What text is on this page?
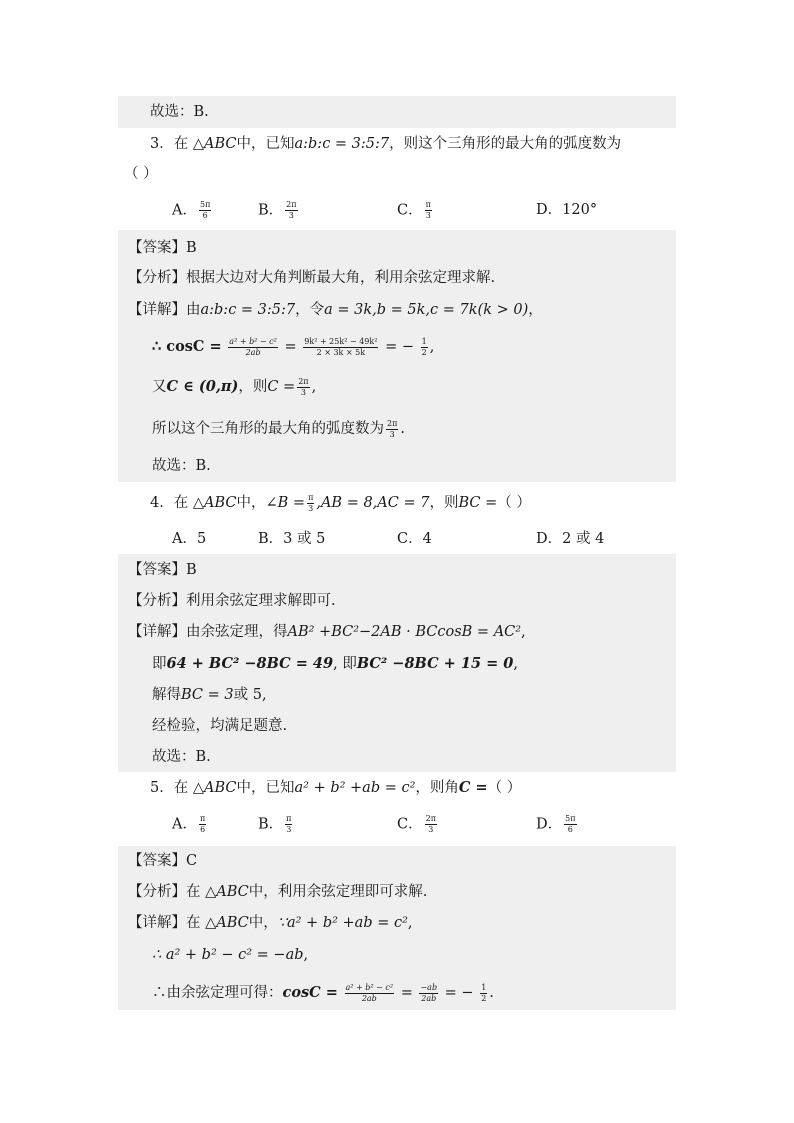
故选：B.
3．在 △ABC中，已知a:b:c = 3:5:7，则这个三角形的最大角的弧度数为
（ ）
A． $\frac{5\pi}{6}$	B． $\frac{2\pi}{3}$	C． $\frac{\pi}{3}$	D．120°
【答案】B
【分析】根据大边对大角判断最大角，利用余弦定理求解.
【详解】由a:b:c = 3:5:7，令a = 3k,b = 5k,c = 7k(k > 0)，
∴ $\cos C = \frac{\text{a² + b² − c²}}{2ab} = \frac{\text{9k² + 25k² − 49k²}}{2 \times 3k \times 5k}$ = − $\frac{1}{2}$ ,
又C ∈ (0,π)，则$C = \frac{2\pi}{3}$ ,
所以这个三角形的最大角的弧度数为 $\frac{2\pi}{3}$ .
故选：B.
4．在 △ABC中，∠B = $\frac{\pi}{3} ,AB = 8,AC = 7$，则BC =（ ）
A．5	B．3 或 5	C．4	D．2 或 4
【答案】B
【分析】利用余弦定理求解即可.
【详解】由余弦定理，得AB² +BC²−2AB · BCcosB = AC²,
即64 + BC² −8BC = 49, 即BC² −8BC + 15 = 0,
解得BC = 3或 5,
经检验，均满足题意.
故选：B.
5．在 △ABC中，已知a² + b² +ab = c²，则角C =（ ）
A． $\frac{\pi}{6}$	B． $\frac{\pi}{3}$	C． $\frac{2\pi}{3}$	D． $\frac{5\pi}{6}$
【答案】C
【分析】在 △ABC中，利用余弦定理即可求解.
【详解】在 △ABC中，∵a² + b² +ab = c²,
∴ a² + b² − c² = −ab,
∴由余弦定理可得：$\cos C = \frac{\text{a² + b² − c²}}{2ab} = \frac{-ab}{2ab}$ = − $\frac{1}{2}$ .
